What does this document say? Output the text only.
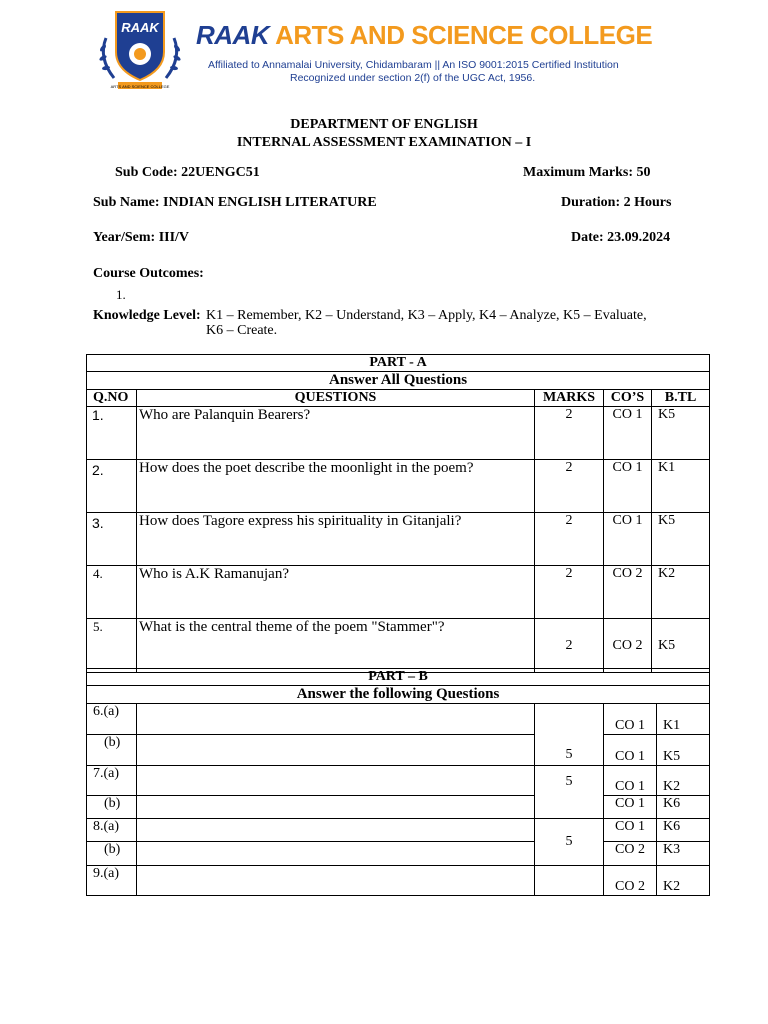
RAAK
ARTS AND SCIENCE COLLEGE
RAAK ARTS AND SCIENCE COLLEGE
Affiliated to Annamalai University, Chidambaram || An ISO 9001:2015 Certified Institution
Recognized under section 2(f) of the UGC Act, 1956.
DEPARTMENT OF ENGLISH
INTERNAL ASSESSMENT EXAMINATION – I
Sub Code: 22UENGC51	Maximum Marks: 50
Sub Name: INDIAN ENGLISH LITERATURE	Duration: 2 Hours
Year/Sem: III/V	Date: 23.09.2024
Course Outcomes:
1.
Knowledge Level: K1 – Remember, K2 – Understand, K3 – Apply, K4 – Analyze, K5 – Evaluate,
K6 – Create.
PART - A				
Answer All Questions				
Q.NO	QUESTIONS	MARKS	CO’S	B.TL
1.	Who are Palanquin Bearers?	2	CO 1	K5
2.	How does the poet describe the moonlight in the poem?	2	CO 1	K1
3.	How does Tagore express his spirituality in Gitanjali?	2	CO 1	K5
4.	Who is A.K Ramanujan?	2	CO 2	K2
5.	What is the central theme of the poem "Stammer"?	2	CO 2	K5
PART – B				
Answer the following Questions				
6.(a)		5	CO 1	K1
(b)			CO 1	K5
7.(a)		5	CO 1	K2
(b)			CO 1	K6
8.(a)		5	CO 1	K6
(b)			CO 2	K3
9.(a)			CO 2	K2
